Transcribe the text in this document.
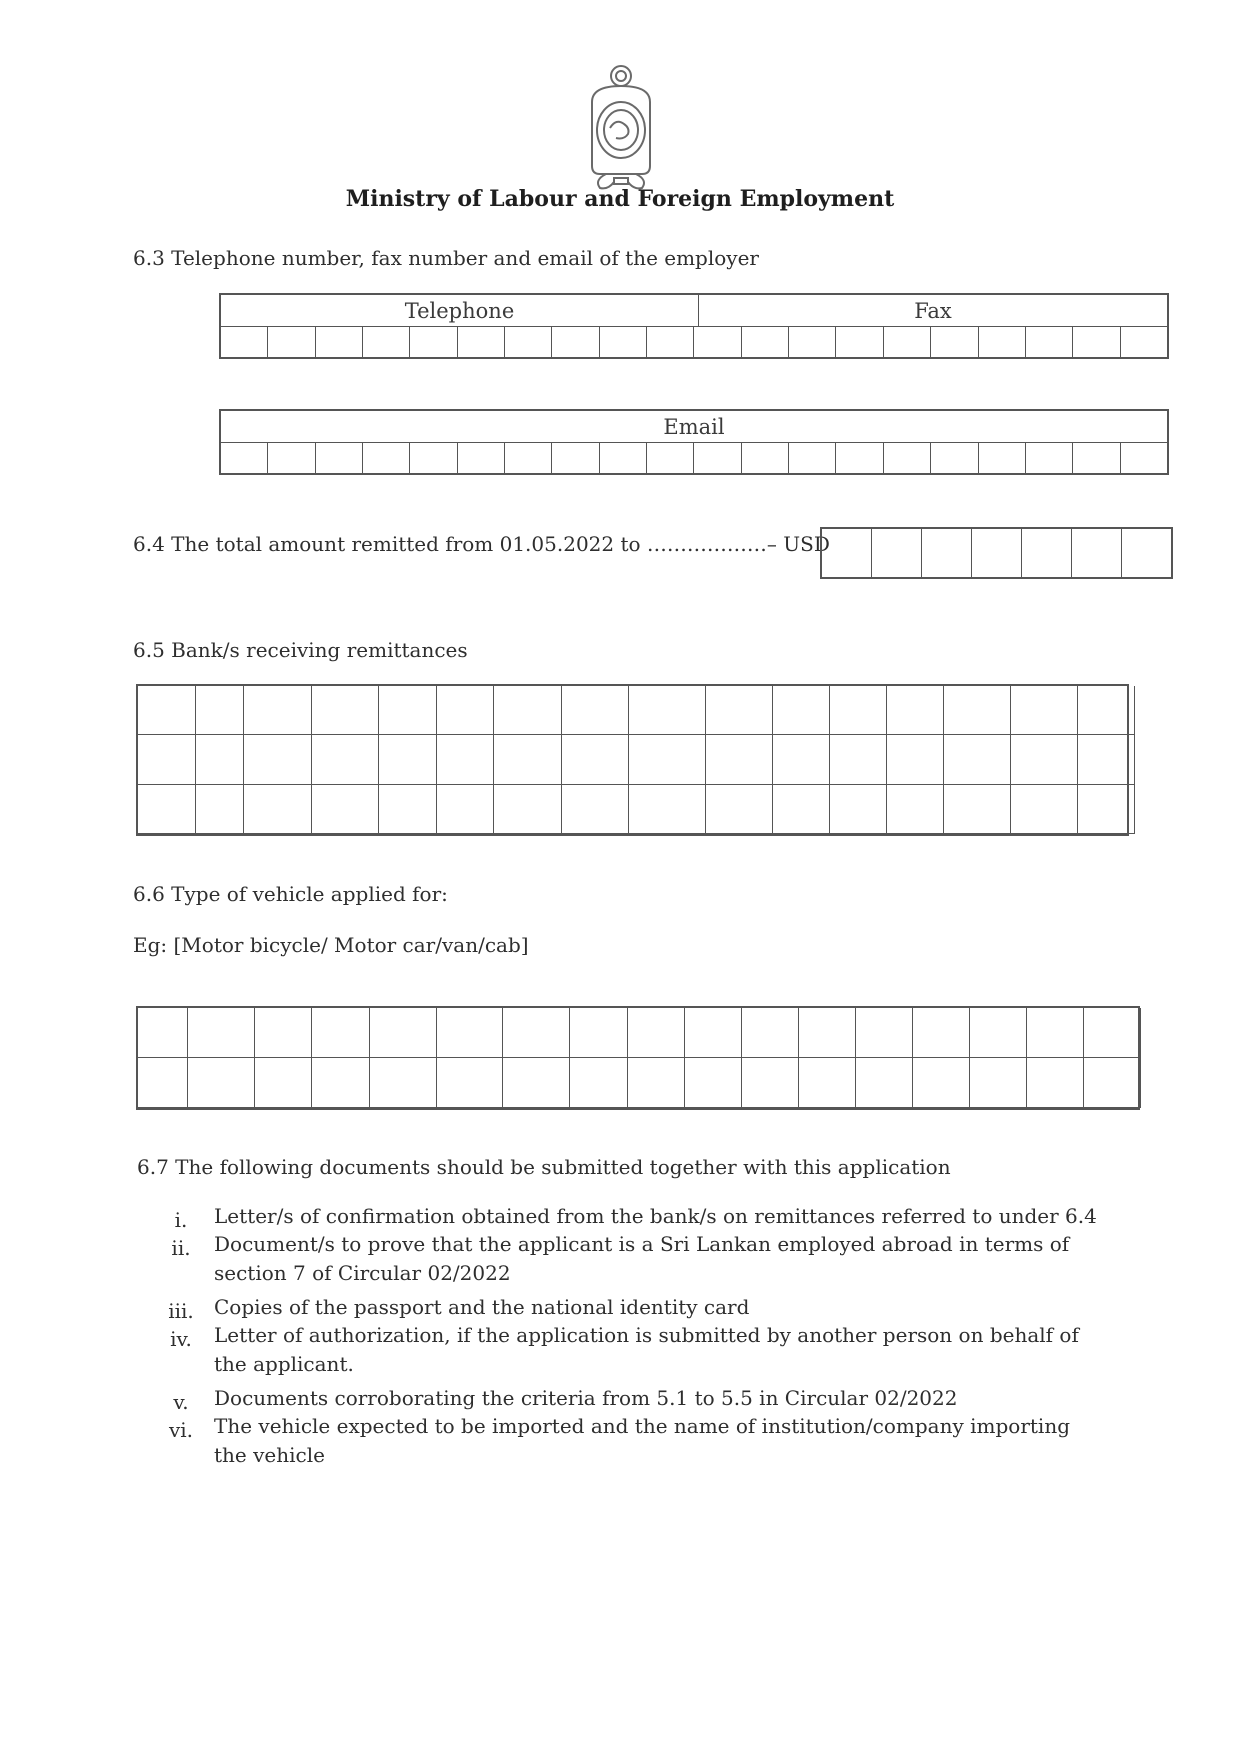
Ministry of Labour and Foreign Employment
6.3 Telephone number, fax number and email of the employer
Telephone	Fax
Email
6.4 The total amount remitted from 01.05.2022 to ………………– USD
6.5 Bank/s receiving remittances
6.6 Type of vehicle applied for:
Eg: [Motor bicycle/ Motor car/van/cab]
6.7 The following documents should be submitted together with this application
i.	Letter/s of confirmation obtained from the bank/s on remittances referred to under 6.4
ii.	Document/s to prove that the applicant is a Sri Lankan employed abroad in terms of section 7 of Circular 02/2022
iii.	Copies of the passport and the national identity card
iv.	Letter of authorization, if the application is submitted by another person on behalf of the applicant.
v.	Documents corroborating the criteria from 5.1 to 5.5 in Circular 02/2022
vi.	The vehicle expected to be imported and the name of institution/company importing the vehicle
